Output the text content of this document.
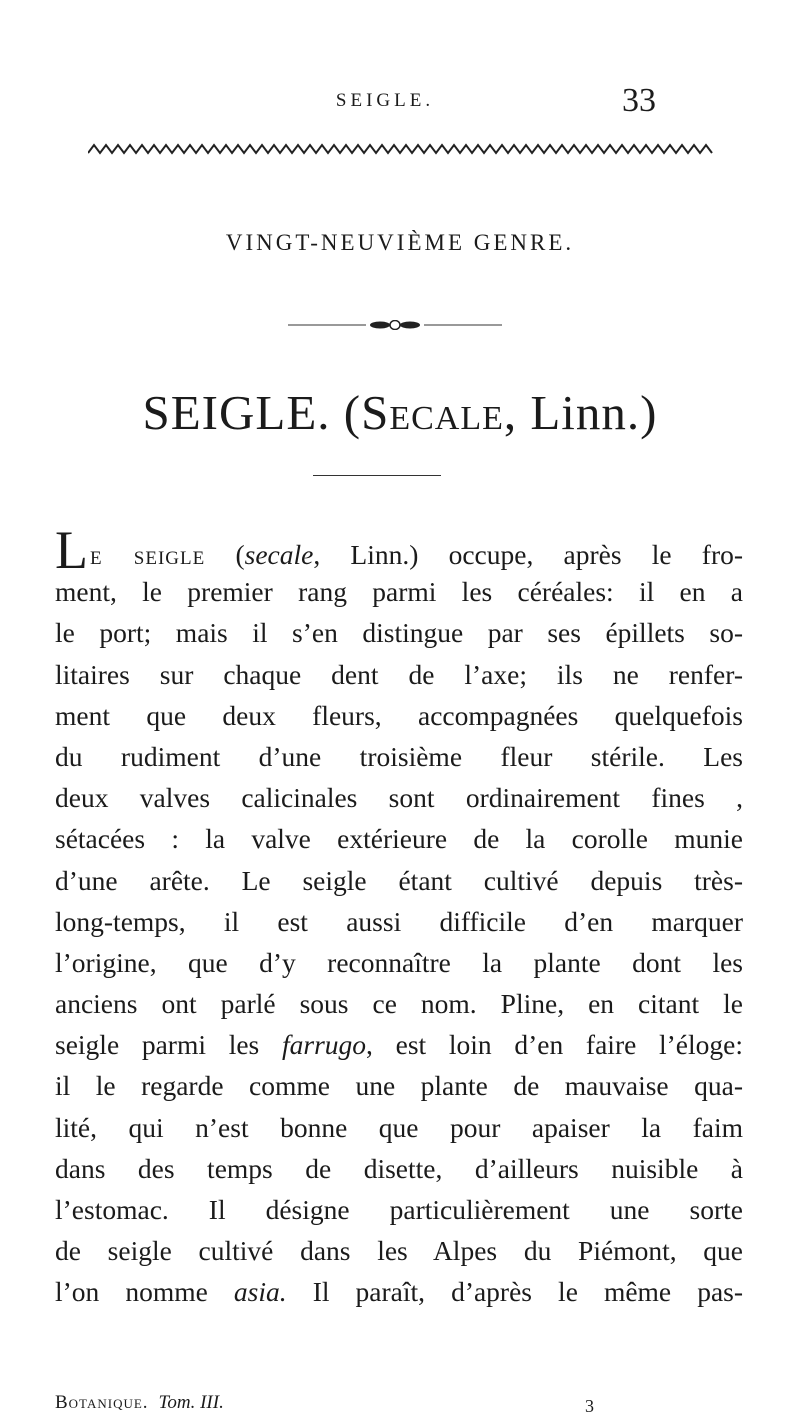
SEIGLE.	33
VINGT-NEUVIÈME GENRE.
SEIGLE. (Secale, Linn.)
Le seigle (secale, Linn.) occupe, après le fro-
ment, le premier rang parmi les céréales: il en a
le port; mais il s’en distingue par ses épillets so-
litaires sur chaque dent de l’axe; ils ne renfer-
ment que deux fleurs, accompagnées quelquefois
du rudiment d’une troisième fleur stérile. Les
deux valves calicinales sont ordinairement fines ,
sétacées : la valve extérieure de la corolle munie
d’une arête. Le seigle étant cultivé depuis très-
long-temps, il est aussi difficile d’en marquer
l’origine, que d’y reconnaître la plante dont les
anciens ont parlé sous ce nom. Pline, en citant le
seigle parmi les farrugo, est loin d’en faire l’éloge:
il le regarde comme une plante de mauvaise qua-
lité, qui n’est bonne que pour apaiser la faim
dans des temps de disette, d’ailleurs nuisible à
l’estomac. Il désigne particulièrement une sorte
de seigle cultivé dans les Alpes du Piémont, que
l’on nomme asia. Il paraît, d’après le même pas-
Botanique. Tom. III.	3
